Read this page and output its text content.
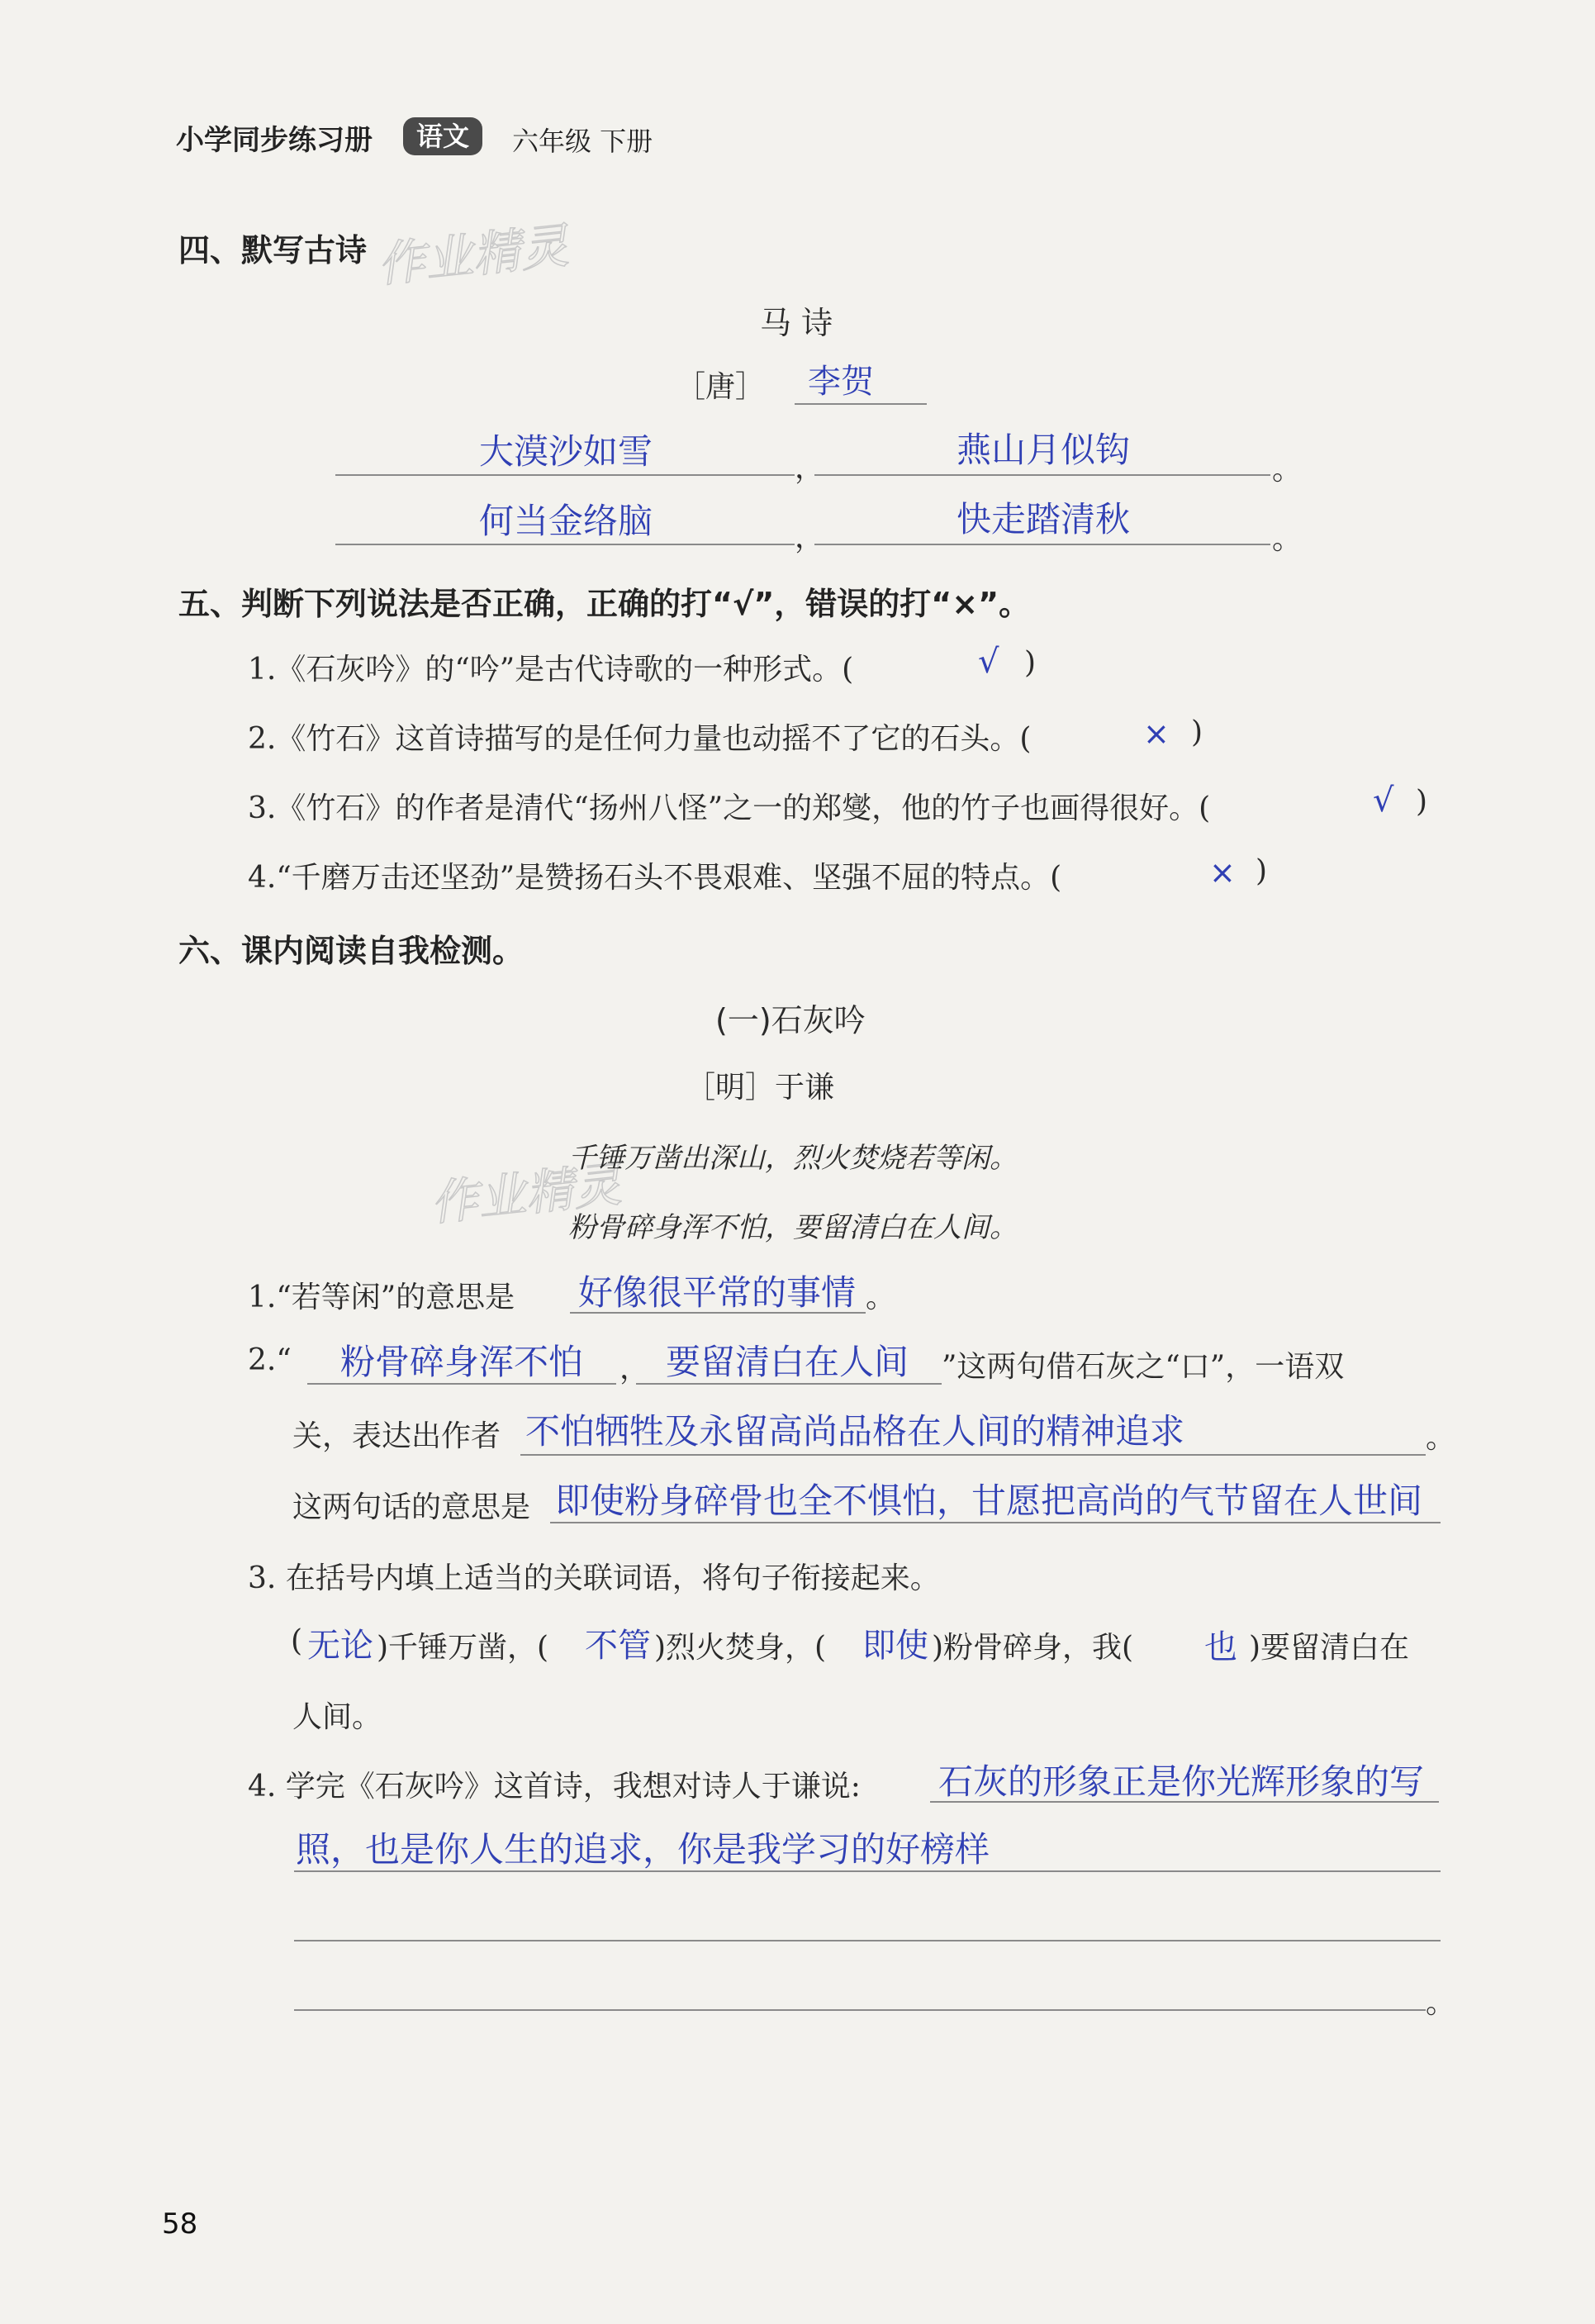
小学同步练习册	语文	六年级 下册
作业精灵
作业精灵
四、默写古诗
马 诗
［唐］ 李贺
大漠沙如雪	，	燕山月似钩	。
何当金络脑	，	快走踏清秋	。
五、判断下列说法是否正确，正确的打“√”，错误的打“×”。
1.《石灰吟》的“吟”是古代诗歌的一种形式。(	√ )
2.《竹石》这首诗描写的是任何力量也动摇不了它的石头。(	× )
3.《竹石》的作者是清代“扬州八怪”之一的郑燮，他的竹子也画得很好。(	√ )
4.“千磨万击还坚劲”是赞扬石头不畏艰难、坚强不屈的特点。(	× )
六、课内阅读自我检测。
(一)石灰吟
［明］于谦
千锤万凿出深山，烈火焚烧若等闲。
粉骨碎身浑不怕，要留清白在人间。
1.“若等闲”的意思是 好像很平常的事情 。
2.“ 粉骨碎身浑不怕 ， 要留清白在人间 ”这两句借石灰之“口”，一语双
关，表达出作者 不怕牺牲及永留高尚品格在人间的精神追求	。
这两句话的意思是 即使粉身碎骨也全不惧怕，甘愿把高尚的气节留在人世间
3. 在括号内填上适当的关联词语，将句子衔接起来。
( 无论 )千锤万凿，( 不管 )烈火焚身，( 即使 )粉骨碎身，我( 也 )要留清白在
人间。
4. 学完《石灰吟》这首诗，我想对诗人于谦说: 石灰的形象正是你光辉形象的写
照，也是你人生的追求，你是我学习的好榜样
。
58
